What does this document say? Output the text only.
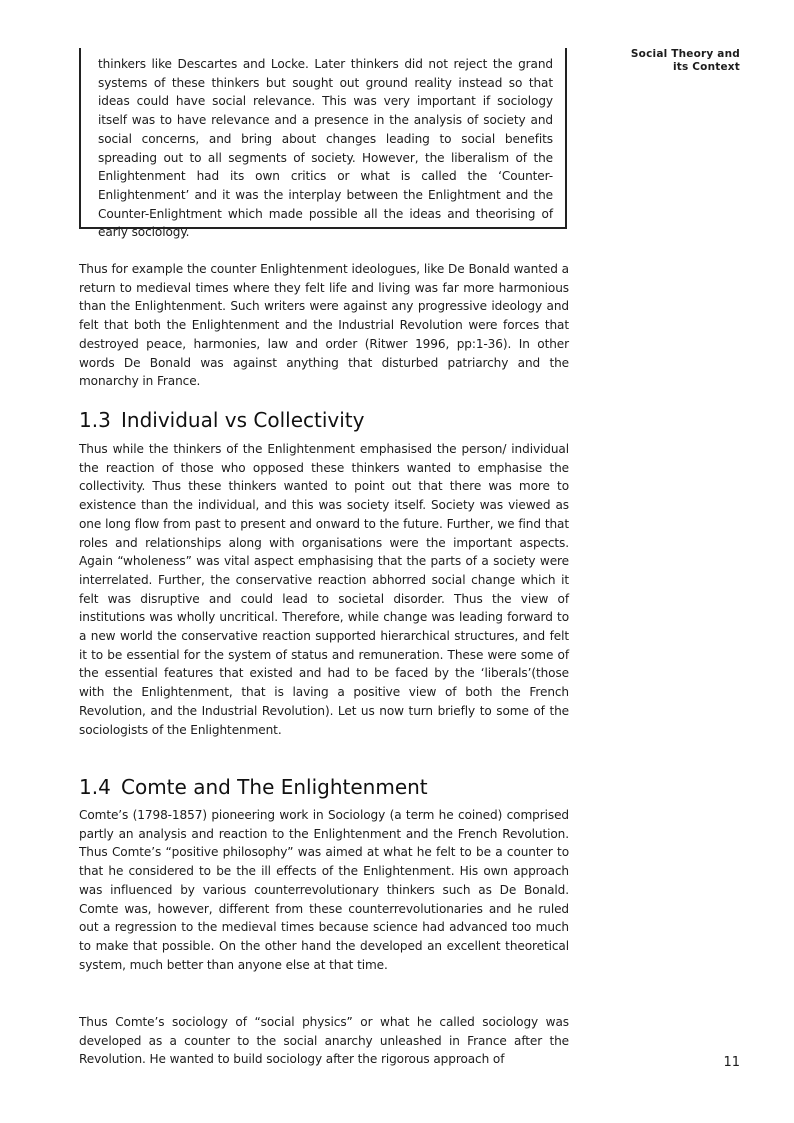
Social Theory and
its Context

thinkers like Descartes and Locke. Later thinkers did not reject the grand systems of these thinkers but sought out ground reality instead so that ideas could have social relevance. This was very important if sociology itself was to have relevance and a presence in the analysis of society and social concerns, and bring about changes leading to social benefits spreading out to all segments of society. However, the liberalism of the Enlightenment had its own critics or what is called the ‘Counter- Enlightenment’ and it was the interplay between the Enlightment and the Counter-Enlightment which made possible all the ideas and theorising of early sociology.

Thus for example the counter Enlightenment ideologues, like De Bonald wanted a return to medieval times where they felt life and living was far more harmonious than the Enlightenment. Such writers were against any progressive ideology and felt that both the Enlightenment and the Industrial Revolution were forces that destroyed peace, harmonies, law and order (Ritwer 1996, pp:1-36). In other words De Bonald was against anything that disturbed patriarchy and the monarchy in France.

1.3 Individual vs Collectivity

Thus while the thinkers of the Enlightenment emphasised the person/ individual the reaction of those who opposed these thinkers wanted to emphasise the collectivity. Thus these thinkers wanted to point out that there was more to existence than the individual, and this was society itself. Society was viewed as one long flow from past to present and onward to the future. Further, we find that roles and relationships along with organisations were the important aspects. Again “wholeness” was vital aspect emphasising that the parts of a society were interrelated. Further, the conservative reaction abhorred social change which it felt was disruptive and could lead to societal disorder. Thus the view of institutions was wholly uncritical. Therefore, while change was leading forward to a new world the conservative reaction supported hierarchical structures, and felt it to be essential for the system of status and remuneration. These were some of the essential features that existed and had to be faced by the ‘liberals’(those with the Enlightenment, that is laving a positive view of both the French Revolution, and the Industrial Revolution). Let us now turn briefly to some of the sociologists of the Enlightenment.

1.4 Comte and The Enlightenment

Comte’s (1798-1857) pioneering work in Sociology (a term he coined) comprised partly an analysis and reaction to the Enlightenment and the French Revolution. Thus Comte’s “positive philosophy” was aimed at what he felt to be a counter to that he considered to be the ill effects of the Enlightenment. His own approach was influenced by various counterrevolutionary thinkers such as De Bonald. Comte was, however, different from these counterrevolutionaries and he ruled out a regression to the medieval times because science had advanced too much to make that possible. On the other hand the developed an excellent theoretical system, much better than anyone else at that time.

Thus Comte’s sociology of “social physics” or what he called sociology was developed as a counter to the social anarchy unleashed in France after the Revolution. He wanted to build sociology after the rigorous approach of	11
